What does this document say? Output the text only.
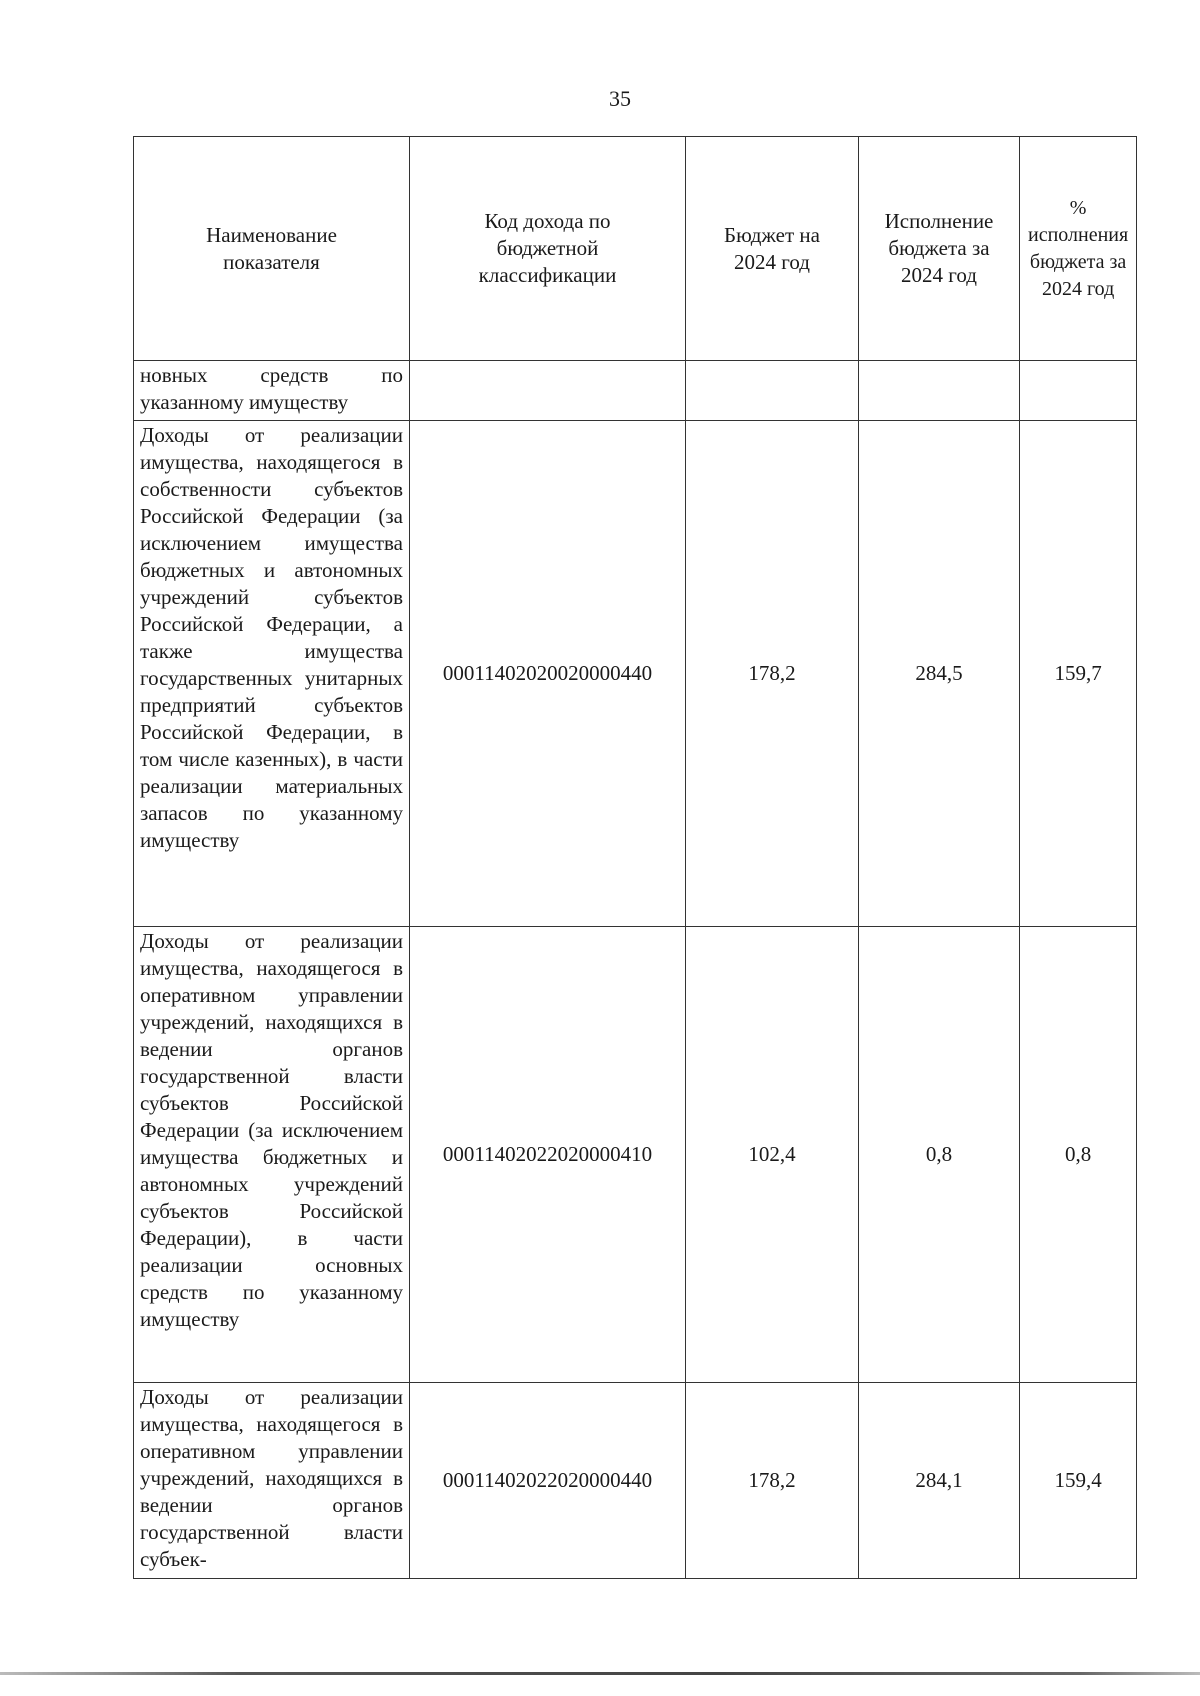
35
Наименование показателя	Код дохода по бюджетной классификации	Бюджет на 2024 год	Исполнение бюджета за 2024 год	% исполнения бюджета за 2024 год
новных средств по указанному имуществу				
Доходы от реализации имущества, находящегося в собственности субъектов Российской Федерации (за исключением имущества бюджетных и автономных учреждений субъектов Российской Федерации, а также имущества государственных унитарных предприятий субъектов Российской Федерации, в том числе казенных), в части реализации материальных запасов по указанному имуществу	00011402020020000440	178,2	284,5	159,7
Доходы от реализации имущества, находящегося в оперативном управлении учреждений, находящихся в ведении органов государственной власти субъектов Российской Федерации (за исключением имущества бюджетных и автономных учреждений субъектов Российской Федерации), в части реализации основных средств по указанному имуществу	00011402022020000410	102,4	0,8	0,8
Доходы от реализации имущества, находящегося в оперативном управлении учреждений, находящихся в ведении органов государственной власти субъек-	00011402022020000440	178,2	284,1	159,4
